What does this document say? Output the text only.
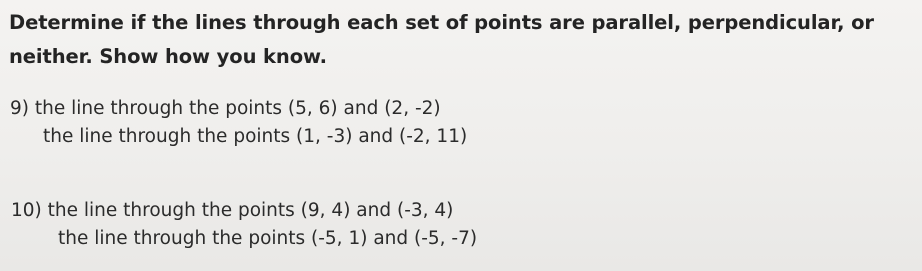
Determine if the lines through each set of points are parallel, perpendicular, or neither. Show how you know.

9) the line through the points (5, 6) and (2, -2)
the line through the points (1, -3) and (-2, 11)
10) the line through the points (9, 4) and (-3, 4)
the line through the points (-5, 1) and (-5, -7)
